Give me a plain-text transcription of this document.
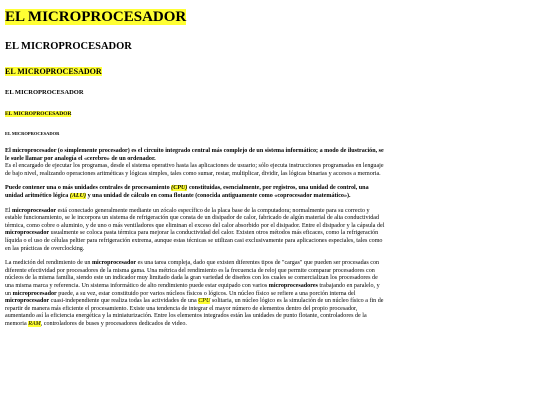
EL MICROPROCESADOR
EL MICROPROCESADOR
EL MICROPROCESADOR
EL MICROPROCESADOR
EL MICROPROCESADOR
EL MICROPROCESADOR

El microprocesador (o simplemente procesador) es el circuito integrado central más complejo de un sistema informático; a modo de ilustración, se le suele llamar por analogía el «cerebro» de un ordenador.
Es el encargado de ejecutar los programas, desde el sistema operativo hasta las aplicaciones de usuario; sólo ejecuta instrucciones programadas en lenguaje de bajo nivel, realizando operaciones aritméticas y lógicas simples, tales como sumar, restar, multiplicar, dividir, las lógicas binarias y accesos a memoria.

Puede contener una o más unidades centrales de procesamiento (CPU) constituidas, esencialmente, por registros, una unidad de control, una unidad aritmético lógica (ALU) y una unidad de cálculo en coma flotante (conocida antiguamente como «coprocesador matemático»).

El microprocesador está conectado generalmente mediante un zócalo específico de la placa base de la computadora; normalmente para su correcto y estable funcionamiento, se le incorpora un sistema de refrigeración que consta de un disipador de calor, fabricado de algún material de alta conductividad térmica, como cobre o aluminio, y de uno o más ventiladores que eliminan el exceso del calor absorbido por el disipador. Entre el disipador y la cápsula del microprocesador usualmente se coloca pasta térmica para mejorar la conductividad del calor. Existen otros métodos más eficaces, como la refrigeración líquida o el uso de células peltier para refrigeración extrema, aunque estas técnicas se utilizan casi exclusivamente para aplicaciones especiales, tales como en las prácticas de overclocking.

La medición del rendimiento de un microprocesador es una tarea compleja, dado que existen diferentes tipos de "cargas" que pueden ser procesadas con diferente efectividad por procesadores de la misma gama. Una métrica del rendimiento es la frecuencia de reloj que permite comparar procesadores con núcleos de la misma familia, siendo este un indicador muy limitado dada la gran variedad de diseños con los cuales se comercializan los procesadores de una misma marca y referencia. Un sistema informático de alto rendimiento puede estar equipado con varios microprocesadores trabajando en paralelo, y un microprocesador puede, a su vez, estar constituido por varios núcleos físicos o lógicos. Un núcleo físico se refiere a una porción interna del microprocesador cuasi-independiente que realiza todas las actividades de una CPU solitaria, un núcleo lógico es la simulación de un núcleo físico a fin de repartir de manera más eficiente el procesamiento. Existe una tendencia de integrar el mayor número de elementos dentro del propio procesador, aumentando así la eficiencia energética y la miniaturización. Entre los elementos integrados están las unidades de punto flotante, controladores de la memoria RAM, controladores de buses y procesadores dedicados de video.
